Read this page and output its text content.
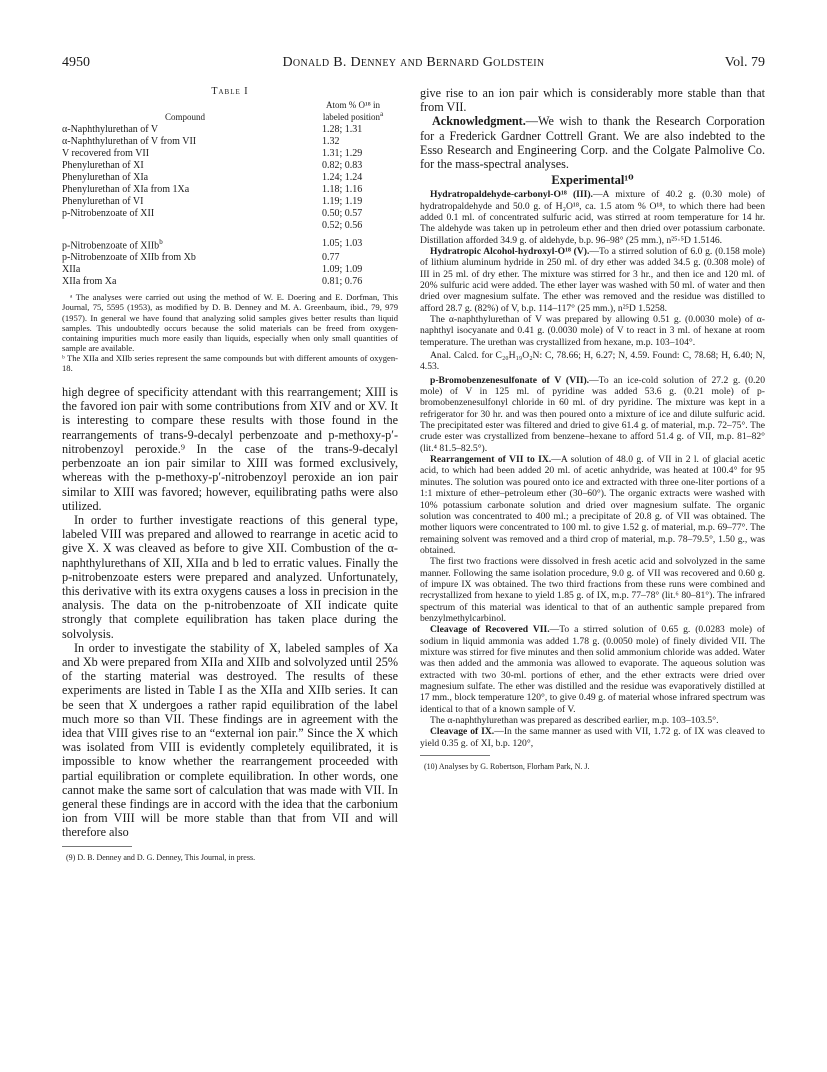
4950	Donald B. Denney and Bernard Goldstein	Vol. 79
Table I
Compound	Atom % O¹⁸ in
labeled position$^a$
α-Naphthylurethan of V	1.28; 1.31
α-Naphthylurethan of V from VII	1.32
V recovered from VII	1.31; 1.29
Phenylurethan of XI	0.82; 0.83
Phenylurethan of XIa	1.24; 1.24
Phenylurethan of XIa from 1Xa	1.18; 1.16
Phenylurethan of VI	1.19; 1.19
p-Nitrobenzoate of XII	0.50; 0.57
	0.52; 0.56
p-Nitrobenzoate of XIIb$^b$	1.05; 1.03
p-Nitrobenzoate of XIIb from Xb	0.77
XIIa	1.09; 1.09
XIIa from Xa	0.81; 0.76

ᵃ The analyses were carried out using the method of W. E. Doering and E. Dorfman, This Journal, 75, 5595 (1953), as modified by D. B. Denney and M. A. Greenbaum, ibid., 79, 979 (1957). In general we have found that analyzing solid samples gives better results than liquid samples. This undoubtedly occurs because the solid materials can be freed from oxygen-containing impurities much more easily than liquids, especially when only small quantities of sample are available.

ᵇ The XIIa and XIIb series represent the same compounds but with different amounts of oxygen-18.

high degree of specificity attendant with this rearrangement; XIII is the favored ion pair with some contributions from XIV and or XV. It is interesting to compare these results with those found in the rearrangements of trans-9-decalyl perbenzoate and p-methoxy-p′-nitrobenzoyl peroxide.⁹ In the case of the trans-9-decalyl perbenzoate an ion pair similar to XIII was formed exclusively, whereas with the p-methoxy-p′-nitrobenzoyl peroxide an ion pair similar to XIII was favored; however, equilibrating paths were also utilized.

In order to further investigate reactions of this general type, labeled VIII was prepared and allowed to rearrange in acetic acid to give X. X was cleaved as before to give XII. Combustion of the α-naphthylurethans of XII, XIIa and b led to erratic values. Finally the p-nitrobenzoate esters were prepared and analyzed. Unfortunately, this derivative with its extra oxygens causes a loss in precision in the analysis. The data on the p-nitrobenzoate of XII indicate quite strongly that complete equilibration has taken place during the solvolysis.

In order to investigate the stability of X, labeled samples of Xa and Xb were prepared from XIIa and XIIb and solvolyzed until 25% of the starting material was destroyed. The results of these experiments are listed in Table I as the XIIa and XIIb series. It can be seen that X undergoes a rather rapid equilibration of the label much more so than VII. These findings are in agreement with the idea that VIII gives rise to an “external ion pair.” Since the X which was isolated from VIII is evidently completely equilibrated, it is impossible to know whether the rearrangement proceeded with partial equilibration or complete equilibration. In other words, one cannot make the same sort of calculation that was made with VII. In general these findings are in accord with the idea that the carbonium ion from VIII will be more stable than that from VII and will therefore also

(9) D. B. Denney and D. G. Denney, This Journal, in press.

give rise to an ion pair which is considerably more stable than that from VII.

Acknowledgment.—We wish to thank the Research Corporation for a Frederick Gardner Cottrell Grant. We are also indebted to the Esso Research and Engineering Corp. and the Colgate Palmolive Co. for the mass-spectral analyses.

Experimental¹⁰

Hydratropaldehyde-carbonyl-O¹⁸ (III).—A mixture of 40.2 g. (0.30 mole) of hydratropaldehyde and 50.0 g. of H₂O¹⁸, ca. 1.5 atom % O¹⁸, to which there had been added 0.1 ml. of concentrated sulfuric acid, was stirred at room temperature for 14 hr. The aldehyde was taken up in petroleum ether and then dried over potassium carbonate. Distillation afforded 34.9 g. of aldehyde, b.p. 96–98° (25 mm.), n²⁵·⁵D 1.5146.

Hydratropic Alcohol-hydroxyl-O¹⁸ (V).—To a stirred solution of 6.0 g. (0.158 mole) of lithium aluminum hydride in 250 ml. of dry ether was added 34.5 g. (0.308 mole) of III in 25 ml. of dry ether. The mixture was stirred for 3 hr., and then ice and 120 ml. of 20% sulfuric acid were added. The ether layer was washed with 50 ml. of water and then dried over magnesium sulfate. The ether was removed and the residue was distilled to afford 28.7 g. (82%) of V, b.p. 114–117° (25 mm.), n²⁵D 1.5258.

The α-naphthylurethan of V was prepared by allowing 0.51 g. (0.0030 mole) of α-naphthyl isocyanate and 0.41 g. (0.0030 mole) of V to react in 3 ml. of hexane at room temperature. The urethan was crystallized from hexane, m.p. 103–104°.

Anal. Calcd. for C₂₀H₁₉O₂N: C, 78.66; H, 6.27; N, 4.59. Found: C, 78.68; H, 6.40; N, 4.53.

p-Bromobenzenesulfonate of V (VII).—To an ice-cold solution of 27.2 g. (0.20 mole) of V in 125 ml. of pyridine was added 53.6 g. (0.21 mole) of p-bromobenzenesulfonyl chloride in 60 ml. of dry pyridine. The mixture was kept in a refrigerator for 30 hr. and was then poured onto a mixture of ice and dilute sulfuric acid. The precipitated ester was filtered and dried to give 61.4 g. of material, m.p. 72–75°. The crude ester was crystallized from benzene–hexane to afford 51.4 g. of VII, m.p. 81–82° (lit.⁴ 81.5–82.5°).

Rearrangement of VII to IX.—A solution of 48.0 g. of VII in 2 l. of glacial acetic acid, to which had been added 20 ml. of acetic anhydride, was heated at 100.4° for 95 minutes. The solution was poured onto ice and extracted with three one-liter portions of a 1:1 mixture of ether–petroleum ether (30–60°). The organic extracts were washed with 10% potassium carbonate solution and dried over magnesium sulfate. The organic solution was concentrated to 400 ml.; a precipitate of 20.8 g. of VII was obtained. The mother liquors were concentrated to 100 ml. to give 1.52 g. of material, m.p. 69–77°. The remaining solvent was removed and a third crop of material, m.p. 78–79.5°, 1.50 g., was obtained.

The first two fractions were dissolved in fresh acetic acid and solvolyzed in the same manner. Following the same isolation procedure, 9.0 g. of VII was recovered and 0.60 g. of impure IX was obtained. The two third fractions from these runs were combined and recrystallized from hexane to yield 1.85 g. of IX, m.p. 77–78° (lit.⁶ 80–81°). The infrared spectrum of this material was identical to that of an authentic sample prepared from benzylmethylcarbinol.

Cleavage of Recovered VII.—To a stirred solution of 0.65 g. (0.0283 mole) of sodium in liquid ammonia was added 1.78 g. (0.0050 mole) of finely divided VII. The mixture was stirred for five minutes and then solid ammonium chloride was added. Water was then added and the ammonia was allowed to evaporate. The aqueous solution was extracted with two 30-ml. portions of ether, and the ether extracts were dried over magnesium sulfate. The ether was distilled and the residue was evaporatively distilled at 17 mm., block temperature 120°, to give 0.49 g. of material whose infrared spectrum was identical to that of a known sample of V.

The α-naphthylurethan was prepared as described earlier, m.p. 103–103.5°.

Cleavage of IX.—In the same manner as used with VII, 1.72 g. of IX was cleaved to yield 0.35 g. of XI, b.p. 120°,

(10) Analyses by G. Robertson, Florham Park, N. J.
